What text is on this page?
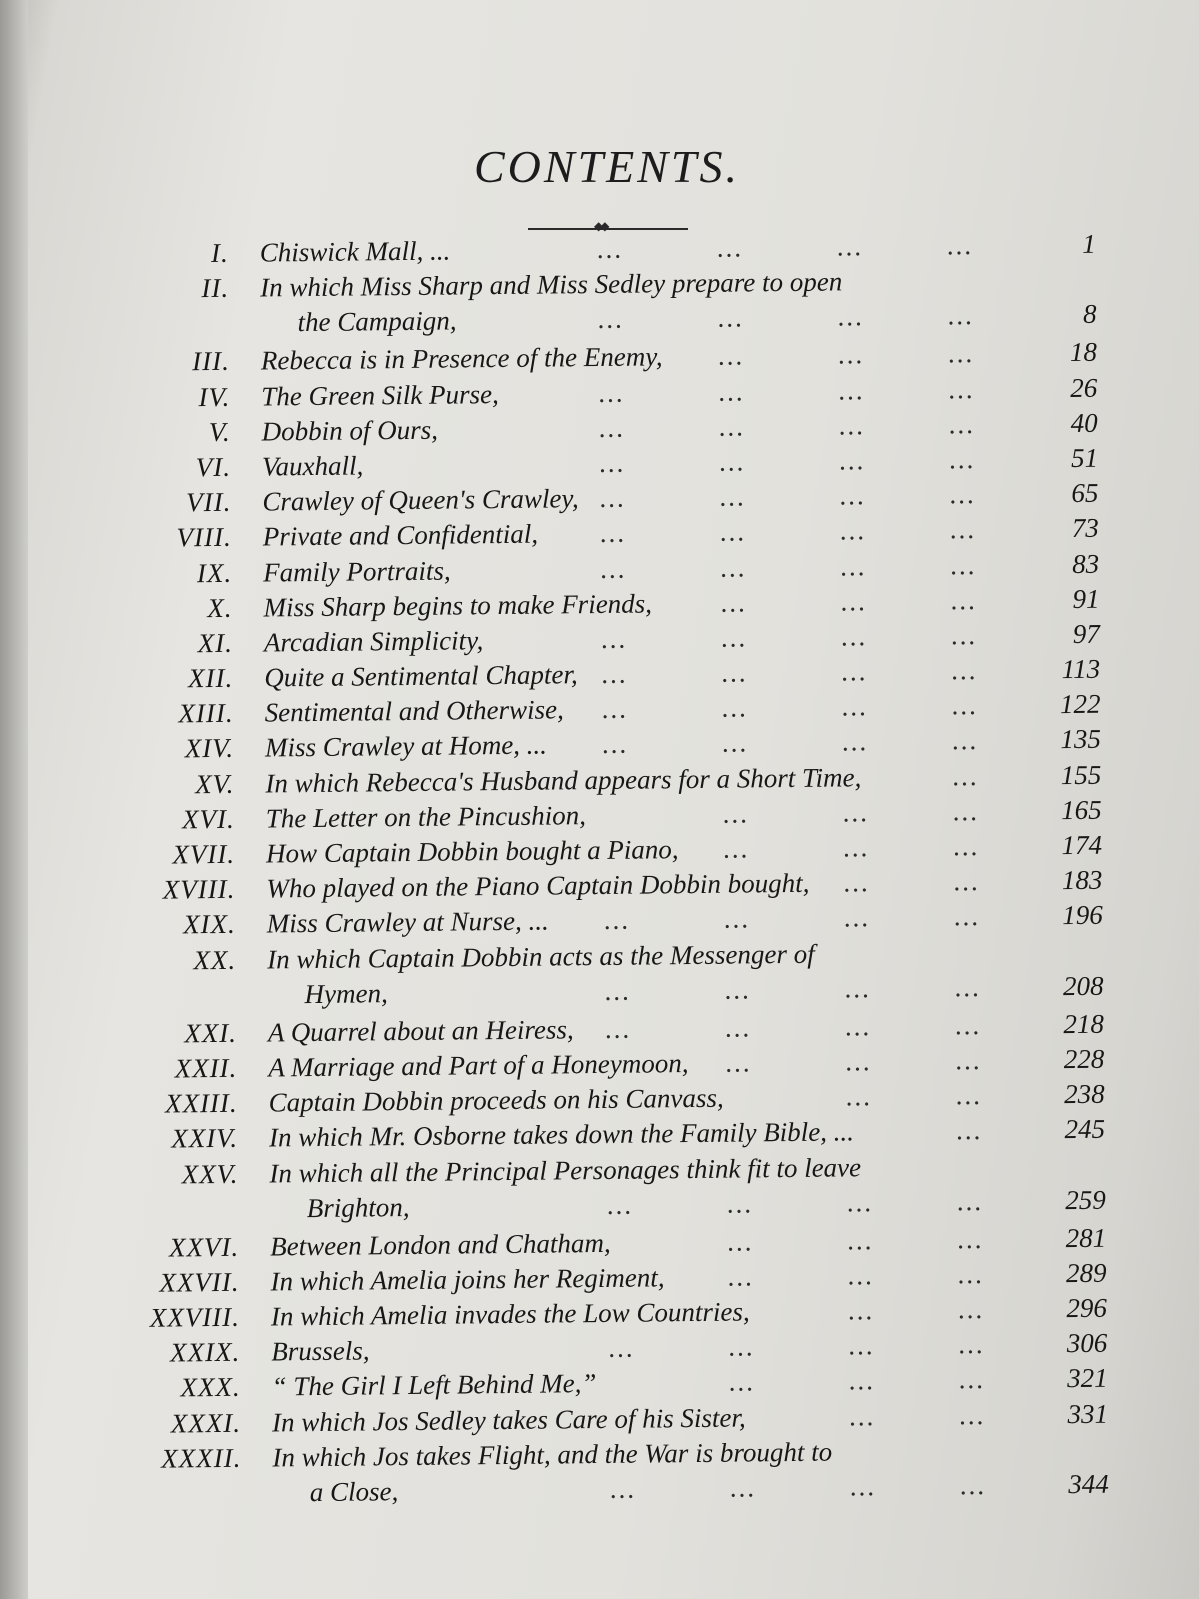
CONTENTS.
◆◆
I. Chiswick Mall, ...	...	...	...	...	1
II. In which Miss Sharp and Miss Sedley prepare to open
the Campaign,	...	...	...	...	8
III. Rebecca is in Presence of the Enemy, ...	...	...	18
IV. The Green Silk Purse,	...	...	...	...	26
V. Dobbin of Ours,	...	...	...	...	40
VI. Vauxhall,	...	...	...	...	51
VII. Crawley of Queen's Crawley, ...	...	...	...	65
VIII. Private and Confidential, ...	...	...	...	73
IX. Family Portraits,	...	...	...	...	83
X. Miss Sharp begins to make Friends,	...	...	...	91
XI. Arcadian Simplicity,	...	...	...	...	97
XII. Quite a Sentimental Chapter, ...	...	...	...	113
XIII. Sentimental and Otherwise, ...	...	...	...	122
XIV. Miss Crawley at Home, ... ...	...	...	...	135
XV. In which Rebecca's Husband appears for a Short Time,	...	155
XVI. The Letter on the Pincushion,	...	...	...	165
XVII. How Captain Dobbin bought a Piano, ...	...	...	174
XVIII. Who played on the Piano Captain Dobbin bought, ...	...	183
XIX. Miss Crawley at Nurse, ... ...	...	...	...	196
XX. In which Captain Dobbin acts as the Messenger of
Hymen,	...	...	...	...	208
XXI. A Quarrel about an Heiress, ...	...	...	...	218
XXII. A Marriage and Part of a Honeymoon, ...	...	...	228
XXIII. Captain Dobbin proceeds on his Canvass,	...	...	238
XXIV. In which Mr. Osborne takes down the Family Bible, ...	...	245
XXV. In which all the Principal Personages think fit to leave
Brighton,	...	...	...	...	259
XXVI. Between London and Chatham,	...	...	...	281
XXVII. In which Amelia joins her Regiment, ...	...	...	289
XXVIII. In which Amelia invades the Low Countries,	...	...	296
XXIX. Brussels,	...	...	...	...	306
XXX. “ The Girl I Left Behind Me,”	...	...	...	321
XXXI. In which Jos Sedley takes Care of his Sister,	...	...	331
XXXII. In which Jos takes Flight, and the War is brought to
a Close,	...	...	...	...	344
